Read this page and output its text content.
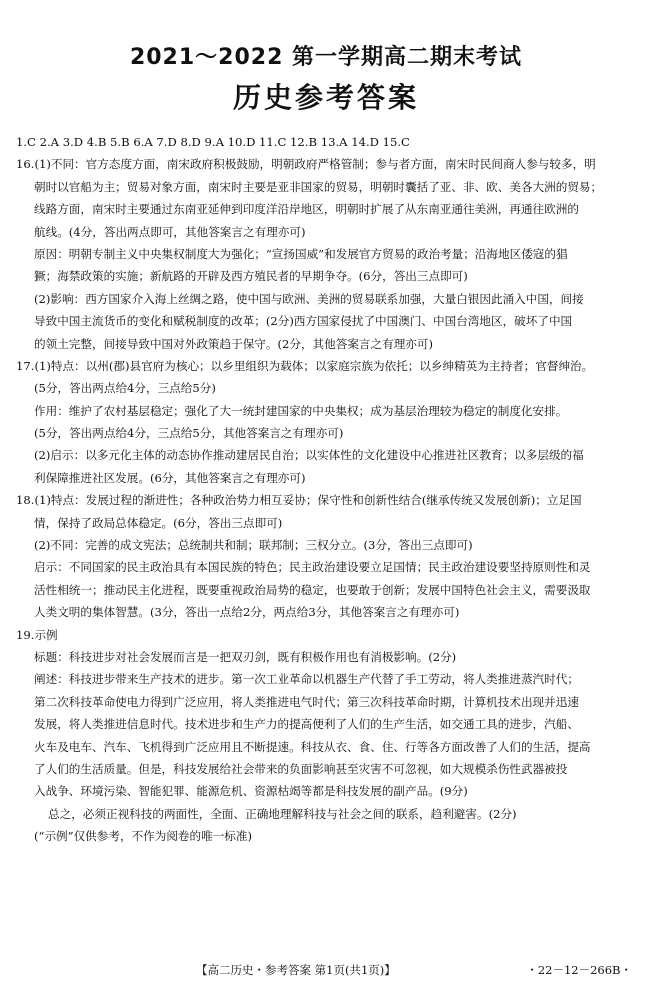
2021～2022 第一学期高二期末考试
历史参考答案
1.C 2.A 3.D 4.B 5.B 6.A 7.D 8.D 9.A 10.D 11.C 12.B 13.A 14.D 15.C
16.(1)不同：官方态度方面，南宋政府积极鼓励，明朝政府严格管制；参与者方面，南宋时民间商人参与较多，明
朝时以官船为主；贸易对象方面，南宋时主要是亚非国家的贸易，明朝时囊括了亚、非、欧、美各大洲的贸易；
线路方面，南宋时主要通过东南亚延伸到印度洋沿岸地区，明朝时扩展了从东南亚通往美洲，再通往欧洲的
航线。(4分，答出两点即可，其他答案言之有理亦可)
原因：明朝专制主义中央集权制度大为强化；“宣扬国威”和发展官方贸易的政治考量；沿海地区倭寇的猖
獗；海禁政策的实施；新航路的开辟及西方殖民者的早期争夺。(6分，答出三点即可)
(2)影响：西方国家介入海上丝绸之路，使中国与欧洲、美洲的贸易联系加强，大量白银因此涌入中国，间接
导致中国主流货币的变化和赋税制度的改革；(2分)西方国家侵扰了中国澳门、中国台湾地区，破坏了中国
的领土完整，间接导致中国对外政策趋于保守。(2分，其他答案言之有理亦可)
17.(1)特点：以州(郡)县官府为核心；以乡里组织为载体；以家庭宗族为依托；以乡绅精英为主持者；官督绅治。
(5分，答出两点给4分，三点给5分)
作用：维护了农村基层稳定；强化了大一统封建国家的中央集权；成为基层治理较为稳定的制度化安排。
(5分，答出两点给4分，三点给5分，其他答案言之有理亦可)
(2)启示：以多元化主体的动态协作推动建居民自治；以实体性的文化建设中心推进社区教育；以多层级的福
利保障推进社区发展。(6分，其他答案言之有理亦可)
18.(1)特点：发展过程的渐进性；各种政治势力相互妥协；保守性和创新性结合(继承传统又发展创新)；立足国
情，保持了政局总体稳定。(6分，答出三点即可)
(2)不同：完善的成文宪法；总统制共和制；联邦制；三权分立。(3分，答出三点即可)
启示：不同国家的民主政治具有本国民族的特色；民主政治建设要立足国情；民主政治建设要坚持原则性和灵
活性相统一；推动民主化进程，既要重视政治局势的稳定，也要敢于创新；发展中国特色社会主义，需要汲取
人类文明的集体智慧。(3分，答出一点给2分，两点给3分，其他答案言之有理亦可)
19.示例
标题：科技进步对社会发展而言是一把双刃剑，既有积极作用也有消极影响。(2分)
阐述：科技进步带来生产技术的进步。第一次工业革命以机器生产代替了手工劳动，将人类推进蒸汽时代；
第二次科技革命使电力得到广泛应用，将人类推进电气时代；第三次科技革命时期，计算机技术出现并迅速
发展，将人类推进信息时代。技术进步和生产力的提高便利了人们的生产生活，如交通工具的进步，汽船、
火车及电车、汽车、飞机得到广泛应用且不断提速。科技从衣、食、住、行等各方面改善了人们的生活，提高
了人们的生活质量。但是，科技发展给社会带来的负面影响甚至灾害不可忽视，如大规模杀伤性武器被投
入战争、环境污染、智能犯罪、能源危机、资源枯竭等都是科技发展的副产品。(9分)
总之，必须正视科技的两面性，全面、正确地理解科技与社会之间的联系，趋利避害。(2分)
(“示例”仅供参考，不作为阅卷的唯一标准)
【高二历史・参考答案 第1页(共1页)】	・22－12－266B・
